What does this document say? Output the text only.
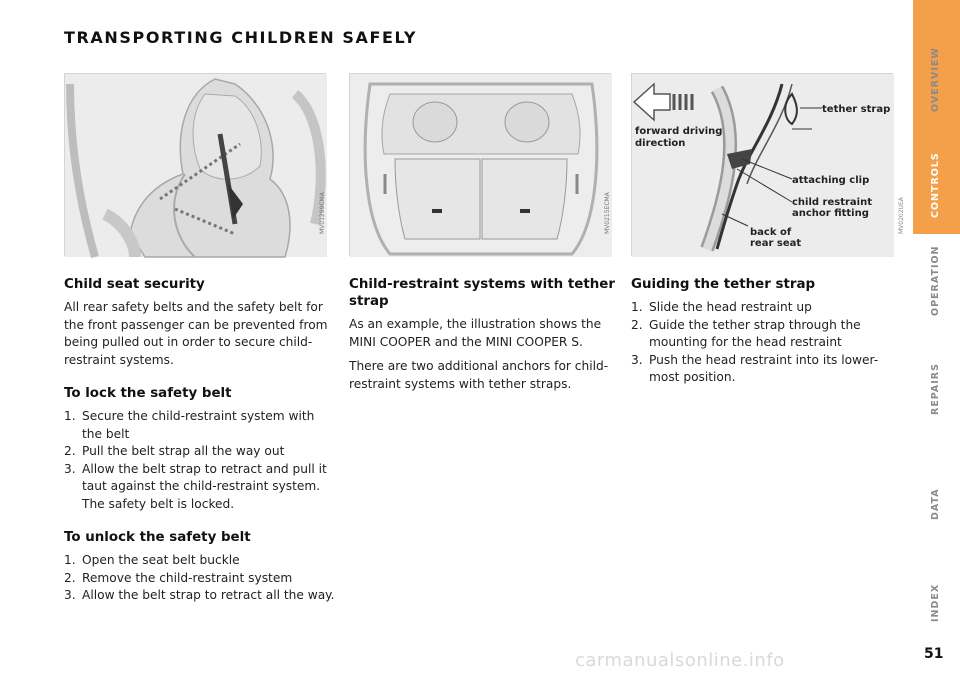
TRANSPORTING CHILDREN SAFELY
MV01299CMA	MV0215ECMA
tether strap
forward driving
direction
attaching clip
child restraint
anchor fitting
back of
rear seat
MV0202UEA
Child seat security

All rear safety belts and the safety belt for
the front passenger can be prevented from
being pulled out in order to secure child-
restraint systems.

To lock the safety belt
1. Secure the child-restraint system with
the belt
2. Pull the belt strap all the way out
3. Allow the belt strap to retract and pull it
taut against the child-restraint system.
The safety belt is locked.
To unlock the safety belt
1. Open the seat belt buckle
2. Remove the child-restraint system
3. Allow the belt strap to retract all the way.
Child-restraint systems with tether
strap

As an example, the illustration shows the
MINI COOPER and the MINI COOPER S.

There are two additional anchors for child-
restraint systems with tether straps.

Guiding the tether strap
1. Slide the head restraint up
2. Guide the tether strap through the
mounting for the head restraint
3. Push the head restraint into its lower-
most position.
OVERVIEW
CONTROLS
OPERATION
REPAIRS
DATA
INDEX
carmanualsonline.info	51
